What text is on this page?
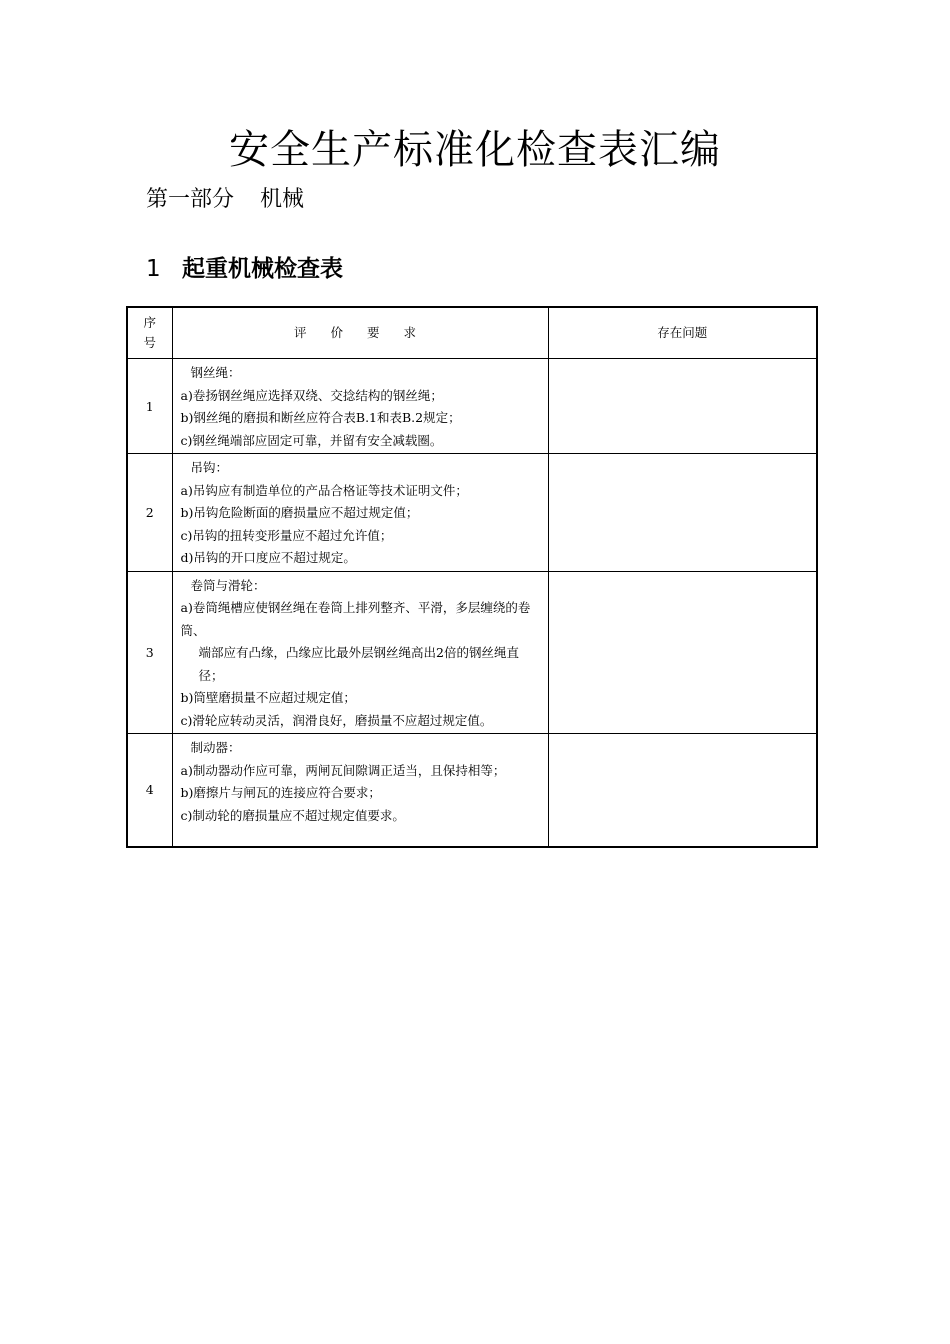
安全生产标准化检查表汇编
第一部分 机械
1 起重机械检查表
序号	评 价 要 求	存在问题
1	钢丝绳：
a)卷扬钢丝绳应选择双绕、交捻结构的钢丝绳；
b)钢丝绳的磨损和断丝应符合表B.1和表B.2规定；
c)钢丝绳端部应固定可靠，并留有安全减载圈。	

2	吊钩：
a)吊钩应有制造单位的产品合格证等技术证明文件；
b)吊钩危险断面的磨损量应不超过规定值；
c)吊钩的扭转变形量应不超过允许值；
d)吊钩的开口度应不超过规定。	

3	卷筒与滑轮：
a)卷筒绳槽应使钢丝绳在卷筒上排列整齐、平滑，多层缠绕的卷筒、
端部应有凸缘，凸缘应比最外层钢丝绳高出2倍的钢丝绳直径；
b)筒壁磨损量不应超过规定值；
c)滑轮应转动灵活，润滑良好，磨损量不应超过规定值。	

4	制动器：
a)制动器动作应可靠，两闸瓦间隙调正适当，且保持相等；
b)磨擦片与闸瓦的连接应符合要求；
c)制动轮的磨损量应不超过规定值要求。	
